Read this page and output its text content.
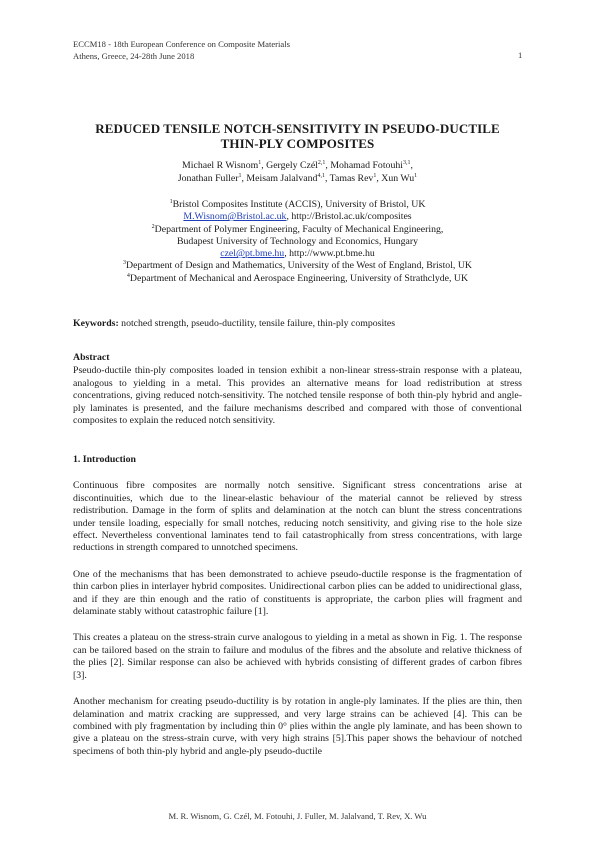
ECCM18 - 18th European Conference on Composite Materials
Athens, Greece, 24-28th June 2018	1
REDUCED TENSILE NOTCH-SENSITIVITY IN PSEUDO-DUCTILE
THIN-PLY COMPOSITES
Michael R Wisnom$^1$, Gergely Czél$^{2,1}$, Mohamad Fotouhi$^{3,1}$,
Jonathan Fuller$^1$, Meisam Jalalvand$^{4,1}$, Tamas Rev$^1$, Xun Wu$^1$
$^1$Bristol Composites Institute (ACCIS), University of Bristol, UK
M.Wisnom@Bristol.ac.uk, http://Bristol.ac.uk/composites
$^2$Department of Polymer Engineering, Faculty of Mechanical Engineering,
Budapest University of Technology and Economics, Hungary
czel@pt.bme.hu, http://www.pt.bme.hu
$^3$Department of Design and Mathematics, University of the West of England, Bristol, UK
$^4$Department of Mechanical and Aerospace Engineering, University of Strathclyde, UK
Keywords: notched strength, pseudo-ductility, tensile failure, thin-ply composites
Abstract

Pseudo-ductile thin-ply composites loaded in tension exhibit a non-linear stress-strain response with a plateau, analogous to yielding in a metal. This provides an alternative means for load redistribution at stress concentrations, giving reduced notch-sensitivity. The notched tensile response of both thin-ply hybrid and angle-ply laminates is presented, and the failure mechanisms described and compared with those of conventional composites to explain the reduced notch sensitivity.

1. Introduction

Continuous fibre composites are normally notch sensitive. Significant stress concentrations arise at discontinuities, which due to the linear-elastic behaviour of the material cannot be relieved by stress redistribution. Damage in the form of splits and delamination at the notch can blunt the stress concentrations under tensile loading, especially for small notches, reducing notch sensitivity, and giving rise to the hole size effect. Nevertheless conventional laminates tend to fail catastrophically from stress concentrations, with large reductions in strength compared to unnotched specimens.

One of the mechanisms that has been demonstrated to achieve pseudo-ductile response is the fragmentation of thin carbon plies in interlayer hybrid composites. Unidirectional carbon plies can be added to unidirectional glass, and if they are thin enough and the ratio of constituents is appropriate, the carbon plies will fragment and delaminate stably without catastrophic failure [1].

This creates a plateau on the stress-strain curve analogous to yielding in a metal as shown in Fig. 1. The response can be tailored based on the strain to failure and modulus of the fibres and the absolute and relative thickness of the plies [2]. Similar response can also be achieved with hybrids consisting of different grades of carbon fibres [3].

Another mechanism for creating pseudo-ductility is by rotation in angle-ply laminates. If the plies are thin, then delamination and matrix cracking are suppressed, and very large strains can be achieved [4]. This can be combined with ply fragmentation by including thin 0° plies within the angle ply laminate, and has been shown to give a plateau on the stress-strain curve, with very high strains [5].This paper shows the behaviour of notched specimens of both thin-ply hybrid and angle-ply pseudo-ductile

M. R. Wisnom, G. Czél, M. Fotouhi, J. Fuller, M. Jalalvand, T. Rev, X. Wu
